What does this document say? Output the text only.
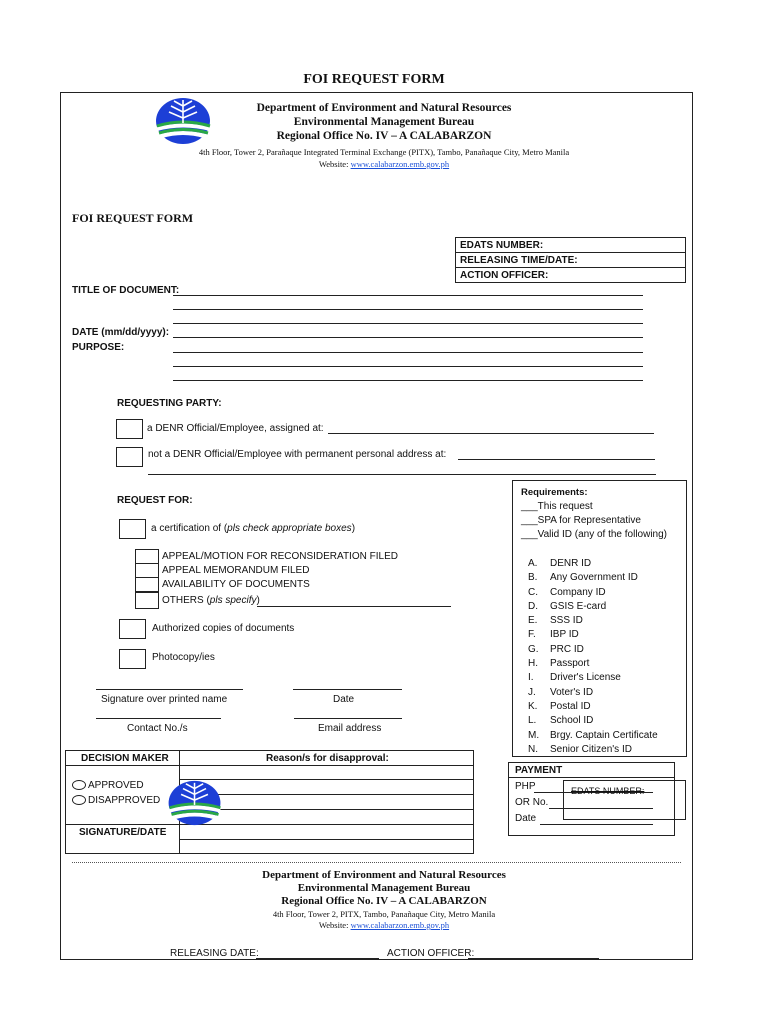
FOI REQUEST FORM
Department of Environment and Natural Resources
Environmental Management Bureau
Regional Office No. IV – A CALABARZON
4th Floor, Tower 2, Parañaque Integrated Terminal Exchange (PITX), Tambo, Panañaque City, Metro Manila
Website: www.calabarzon.emb.gov.ph
FOI REQUEST FORM
EDATS NUMBER:
RELEASING TIME/DATE:
ACTION OFFICER:
TITLE OF DOCUMENT:
DATE (mm/dd/yyyy):
PURPOSE:
REQUESTING PARTY:
a DENR Official/Employee, assigned at:
not a DENR Official/Employee with permanent personal address at:
REQUEST FOR:
a certification of (pls check appropriate boxes)
APPEAL/MOTION FOR RECONSIDERATION FILED
APPEAL MEMORANDUM FILED
AVAILABILITY OF DOCUMENTS
OTHERS (pls specify)
Authorized copies of documents
Photocopy/ies
Requirements:
___This request
___SPA for Representative
___Valid ID (any of the following)
A. DENR ID
B. Any Government ID
C. Company ID
D. GSIS E-card
E. SSS ID
F. IBP ID
G. PRC ID
H. Passport
I. Driver's License
J. Voter's ID
K. Postal ID
L. School ID
M. Brgy. Captain Certificate
N. Senior Citizen's ID
Signature over printed name	Date
Contact No./s	Email address
DECISION MAKER	Reason/s for disapproval:
APPROVED
DISAPPROVED
SIGNATURE/DATE
PAYMENT
PHP
OR No.
Date
EDATS NUMBER:
Department of Environment and Natural Resources
Environmental Management Bureau
Regional Office No. IV – A CALABARZON
4th Floor, Tower 2, PITX, Tambo, Panañaque City, Metro Manila
Website: www.calabarzon.emb.gov.ph
RELEASING DATE:	ACTION OFFICER:
